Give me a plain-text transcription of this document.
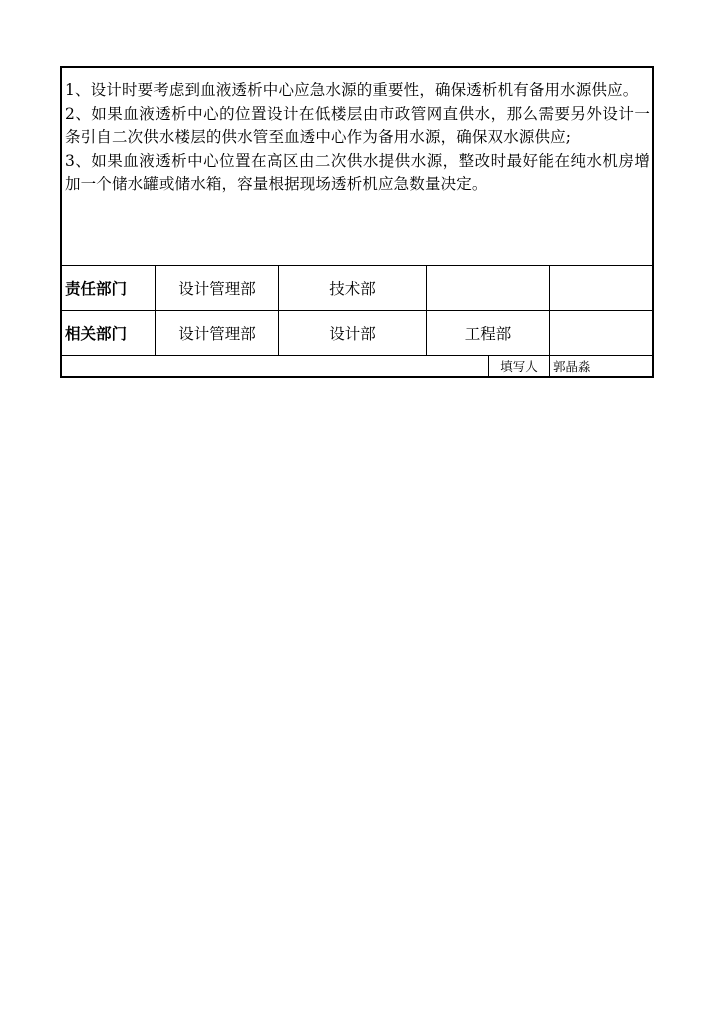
1、设计时要考虑到血液透析中心应急水源的重要性，确保透析机有备用水源供应。

2、如果血液透析中心的位置设计在低楼层由市政管网直供水，那么需要另外设计一条引自二次供水楼层的供水管至血透中心作为备用水源，确保双水源供应;

3、如果血液透析中心位置在高区由二次供水提供水源，整改时最好能在纯水机房增加一个储水罐或储水箱，容量根据现场透析机应急数量决定。

责任部门	设计管理部	技术部
相关部门	设计管理部	设计部	工程部
填写人	郭晶淼
